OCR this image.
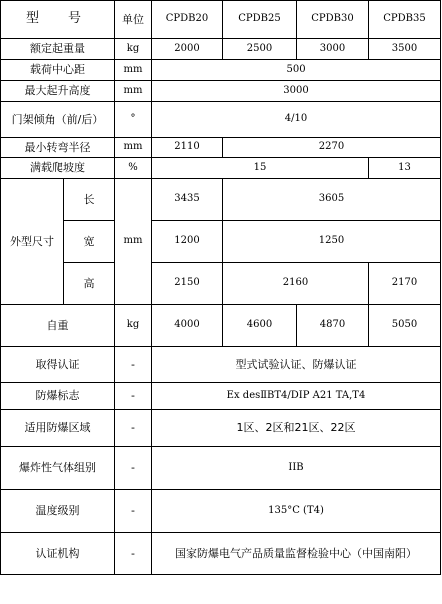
型　号		单位	CPDB20	CPDB25	CPDB30	CPDB35
额定起重量		kg	2000	2500	3000	3500
载荷中心距		mm	500			
最大起升高度		mm	3000			
门架倾角（前/后）		°	4/10			
最小转弯半径		mm	2110	2270		
满载爬坡度		%	15			13
外型尺寸	长	mm	3435	3605		
	宽		1200	1250		
	高		2150	2160		2170
自重		kg	4000	4600	4870	5050
取得认证		-	型式试验认证、防爆认证			
防爆标志		-	Ex desⅡBT4/DIP A21 TA,T4			
适用防爆区域		-	1区、2区和21区、22区			
爆炸性气体组别		-	IIB			
温度级别		-	135°C (T4)			
认证机构		-	国家防爆电气产品质量监督检验中心（中国南阳）			
